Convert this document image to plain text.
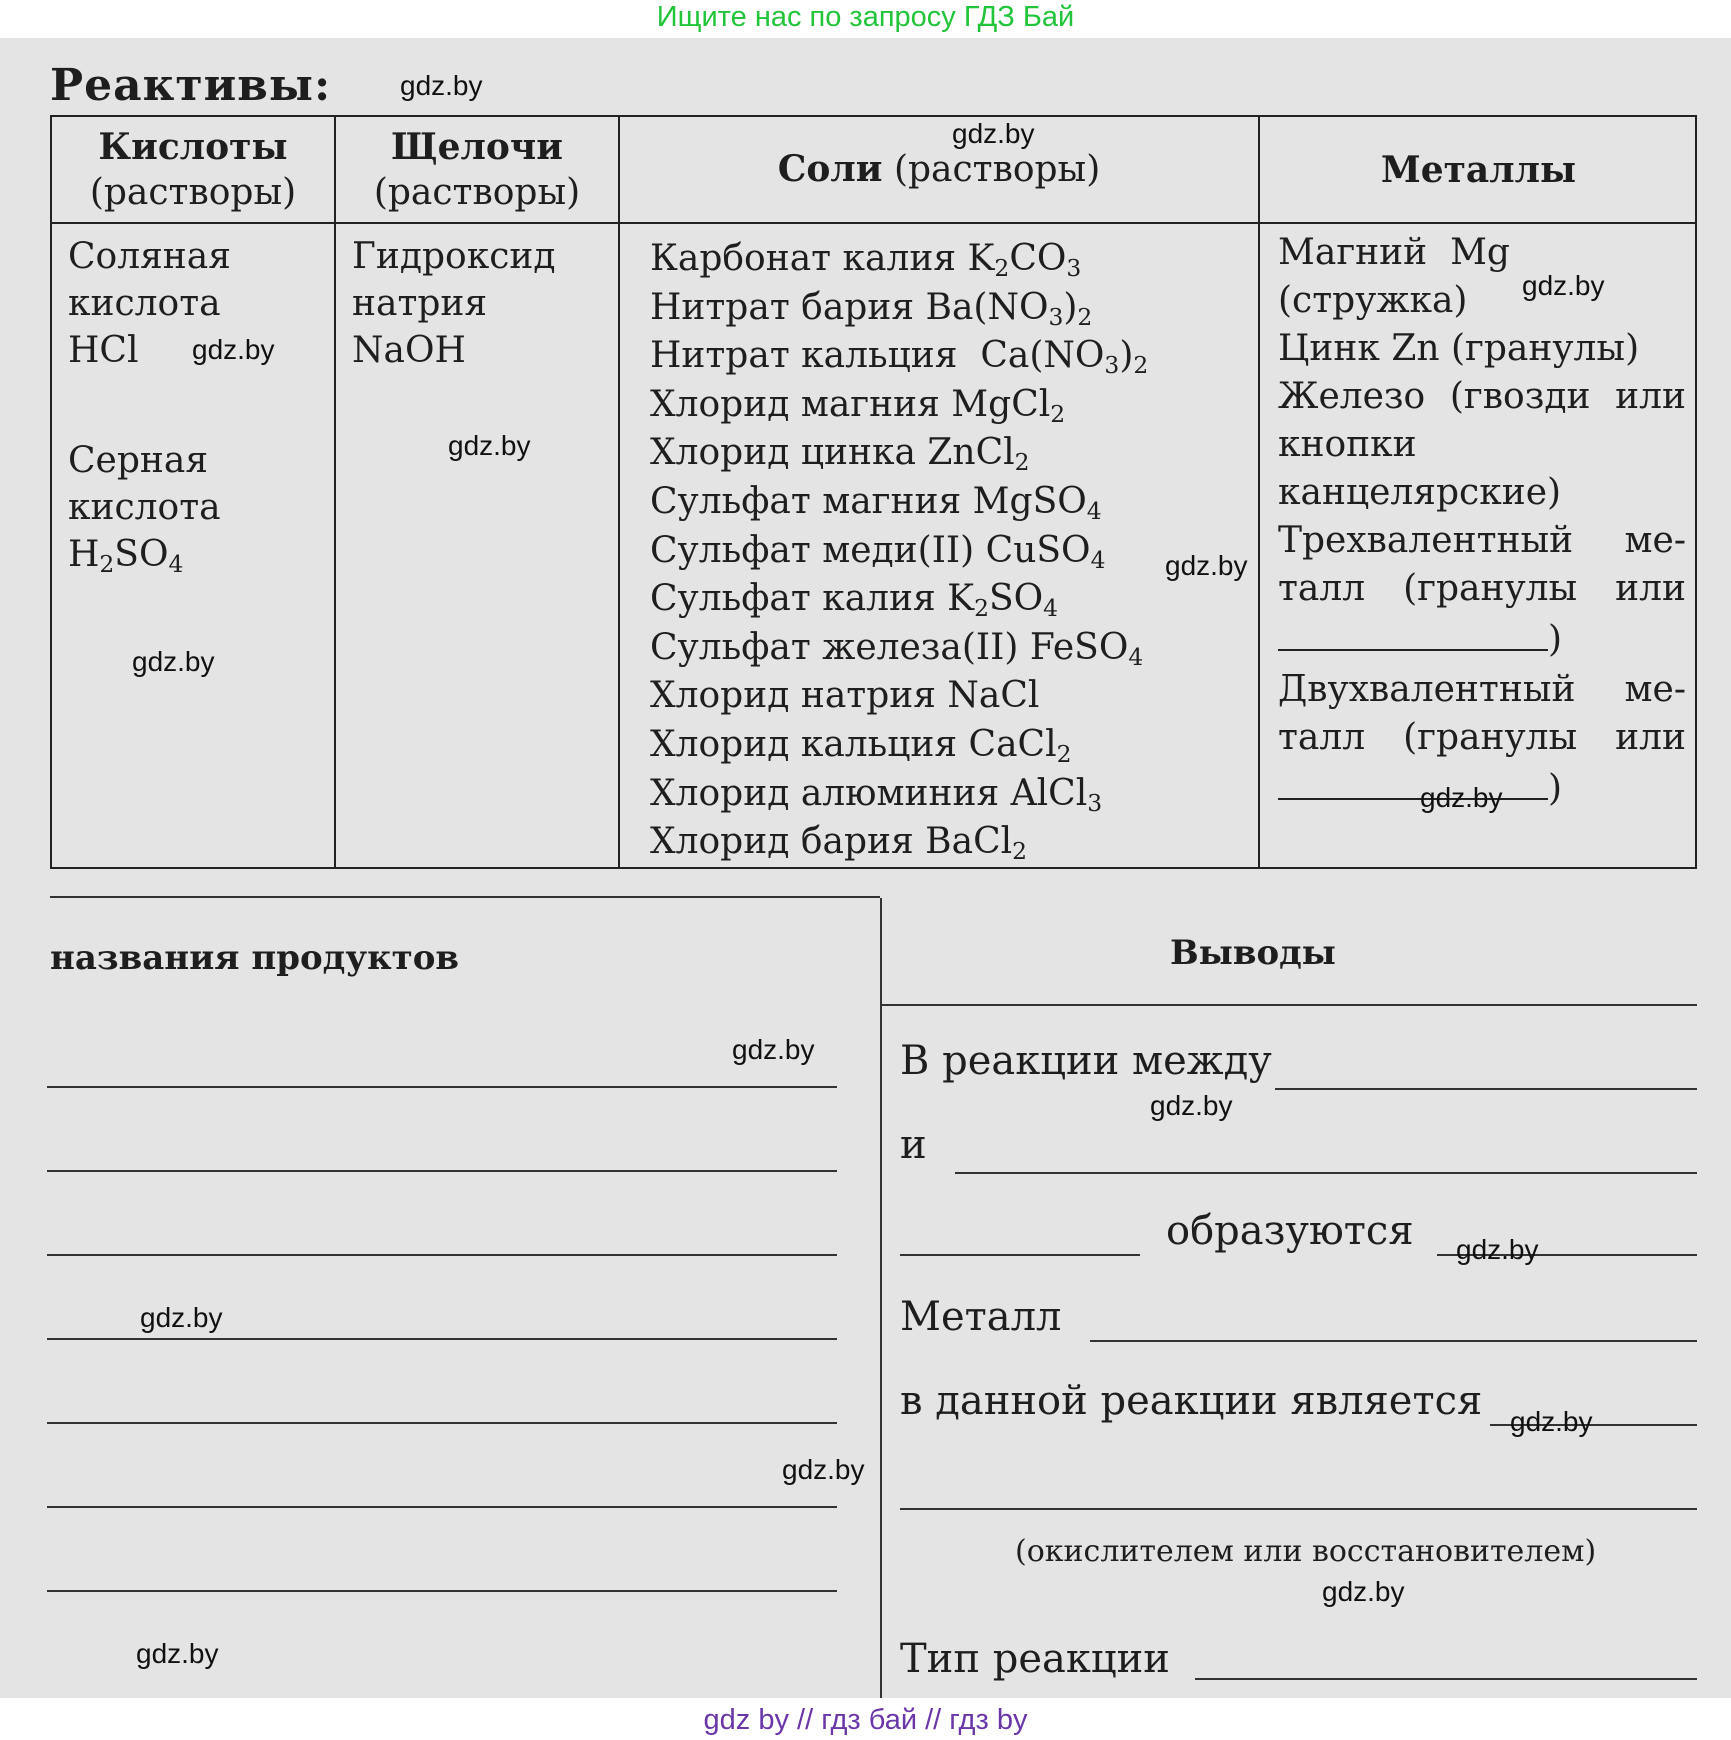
Ищите нас по запросу ГДЗ Бай
Реактивы:
Кислоты
(растворы)
Щелочи
(растворы)
Соли (растворы)	Металлы
Соляная
кислота
HCl
Серная
кислота
$H_2SO_4$
Гидроксид
натрия
NaOH
Карбонат калия $K_2CO_3$
Нитрат бария $Ba(NO_3)_2$
Нитрат кальция  $Ca(NO_3)_2$
Хлорид магния MgCl$_2$
Хлорид цинка ZnCl$_2$
Сульфат магния MgSO$_4$
Сульфат меди(II) CuSO$_4$
Сульфат калия $K_2SO_4$
Сульфат железа(II) FeSO$_4$
Хлорид натрия NaCl
Хлорид кальция CaCl$_2$
Хлорид алюминия AlCl$_3$
Хлорид бария BaCl$_2$
Магний Mg
(стружка)
Цинк Zn (гранулы)
Железо (гвозди или
кнопки канцелярские)
Трехвалентный ме-
талл (гранулы или
)
Двухвалентный ме-
талл (гранулы или
)
названия продуктов	Выводы
В реакции между
и
образуются
Металл
в данной реакции является
(окислителем или восстановителем)
Тип реакции
gdz.by
gdz.by
gdz.by
gdz.by
gdz.by
gdz.by
gdz.by
gdz.by
gdz.by
gdz.by
gdz.by
gdz.by
gdz.by
gdz.by
gdz.by
gdz.by
gdz by // гдз бай // гдз by
